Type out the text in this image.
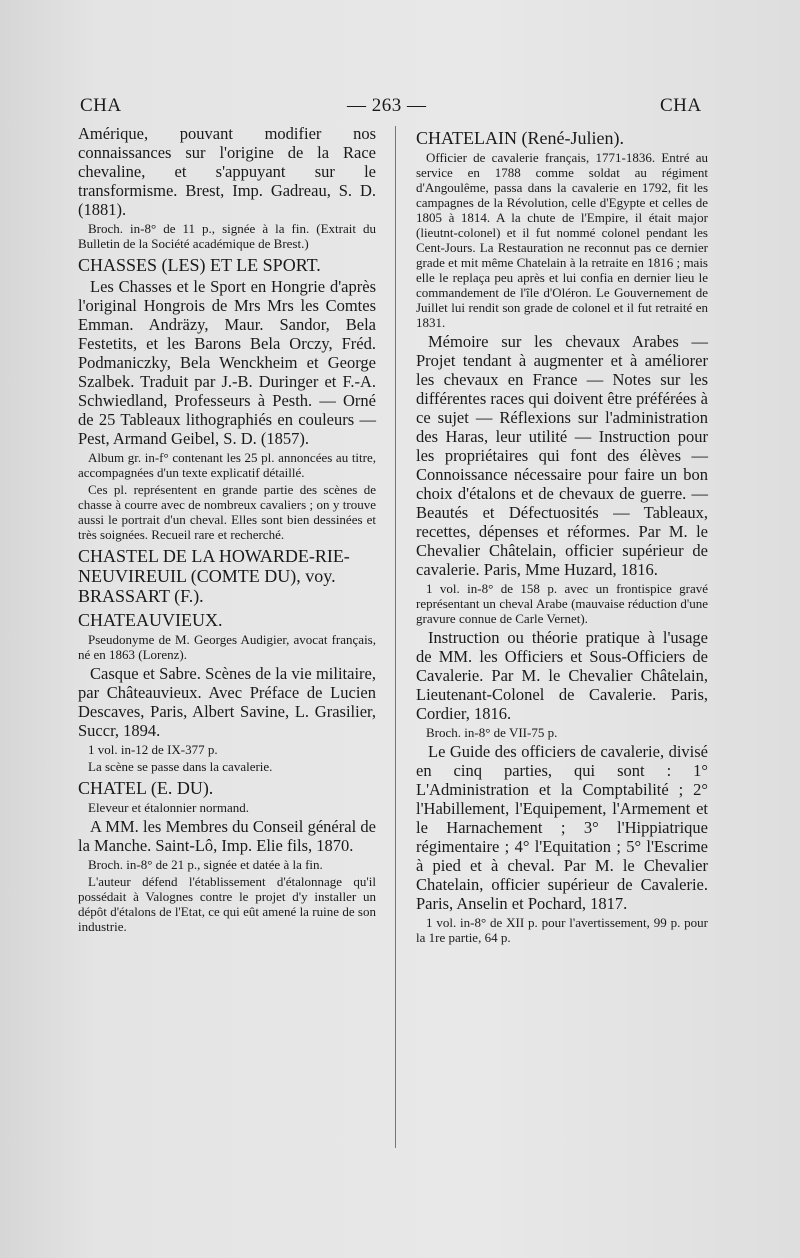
CHA	— 263 —	CHA

Amérique, pouvant modifier nos connaissances sur l'origine de la Race chevaline, et s'appuyant sur le transformisme. Brest, Imp. Gadreau, S. D. (1881).

Broch. in-8° de 11 p., signée à la fin. (Extrait du Bulletin de la Société académique de Brest.)

CHASSES (LES) ET LE SPORT.

Les Chasses et le Sport en Hongrie d'après l'original Hongrois de Mrs Mrs les Comtes Emman. Andräzy, Maur. Sandor, Bela Festetits, et les Barons Bela Orczy, Fréd. Podmaniczky, Bela Wenckheim et George Szalbek. Traduit par J.-B. Duringer et F.-A. Schwiedland, Professeurs à Pesth. — Orné de 25 Tableaux lithographiés en couleurs — Pest, Armand Geibel, S. D. (1857).

Album gr. in-f° contenant les 25 pl. annoncées au titre, accompagnées d'un texte explicatif détaillé.

Ces pl. représentent en grande partie des scènes de chasse à courre avec de nombreux cavaliers ; on y trouve aussi le portrait d'un cheval. Elles sont bien dessinées et très soignées. Recueil rare et recherché.

CHASTEL DE LA HOWARDE-RIE-NEUVIREUIL (COMTE DU), voy. BRASSART (F.).

CHATEAUVIEUX.

Pseudonyme de M. Georges Audigier, avocat français, né en 1863 (Lorenz).

Casque et Sabre. Scènes de la vie militaire, par Châteauvieux. Avec Préface de Lucien Descaves, Paris, Albert Savine, L. Grasilier, Succr, 1894.

1 vol. in-12 de IX-377 p.

La scène se passe dans la cavalerie.

CHATEL (E. DU).

Eleveur et étalonnier normand.

A MM. les Membres du Conseil général de la Manche. Saint-Lô, Imp. Elie fils, 1870.

Broch. in-8° de 21 p., signée et datée à la fin.

L'auteur défend l'établissement d'étalonnage qu'il possédait à Valognes contre le projet d'y installer un dépôt d'étalons de l'Etat, ce qui eût amené la ruine de son industrie.

CHATELAIN (René-Julien).

Officier de cavalerie français, 1771-1836. Entré au service en 1788 comme soldat au régiment d'Angoulême, passa dans la cavalerie en 1792, fit les campagnes de la Révolution, celle d'Egypte et celles de 1805 à 1814. A la chute de l'Empire, il était major (lieutnt-colonel) et il fut nommé colonel pendant les Cent-Jours. La Restauration ne reconnut pas ce dernier grade et mit même Chatelain à la retraite en 1816 ; mais elle le replaça peu après et lui confia en dernier lieu le commandement de l'île d'Oléron. Le Gouvernement de Juillet lui rendit son grade de colonel et il fut retraité en 1831.

Mémoire sur les chevaux Arabes — Projet tendant à augmenter et à améliorer les chevaux en France — Notes sur les différentes races qui doivent être préférées à ce sujet — Réflexions sur l'administration des Haras, leur utilité — Instruction pour les propriétaires qui font des élèves — Connoissance nécessaire pour faire un bon choix d'étalons et de chevaux de guerre. — Beautés et Défectuosités — Tableaux, recettes, dépenses et réformes. Par M. le Chevalier Châtelain, officier supérieur de cavalerie. Paris, Mme Huzard, 1816.

1 vol. in-8° de 158 p. avec un frontispice gravé représentant un cheval Arabe (mauvaise réduction d'une gravure connue de Carle Vernet).

Instruction ou théorie pratique à l'usage de MM. les Officiers et Sous-Officiers de Cavalerie. Par M. le Chevalier Châtelain, Lieutenant-Colonel de Cavalerie. Paris, Cordier, 1816.

Broch. in-8° de VII-75 p.

Le Guide des officiers de cavalerie, divisé en cinq parties, qui sont : 1° L'Administration et la Comptabilité ; 2° l'Habillement, l'Equipement, l'Armement et le Harnachement ; 3° l'Hippiatrique régimentaire ; 4° l'Equitation ; 5° l'Escrime à pied et à cheval. Par M. le Chevalier Chatelain, officier supérieur de Cavalerie. Paris, Anselin et Pochard, 1817.

1 vol. in-8° de XII p. pour l'avertissement, 99 p. pour la 1re partie, 64 p.
